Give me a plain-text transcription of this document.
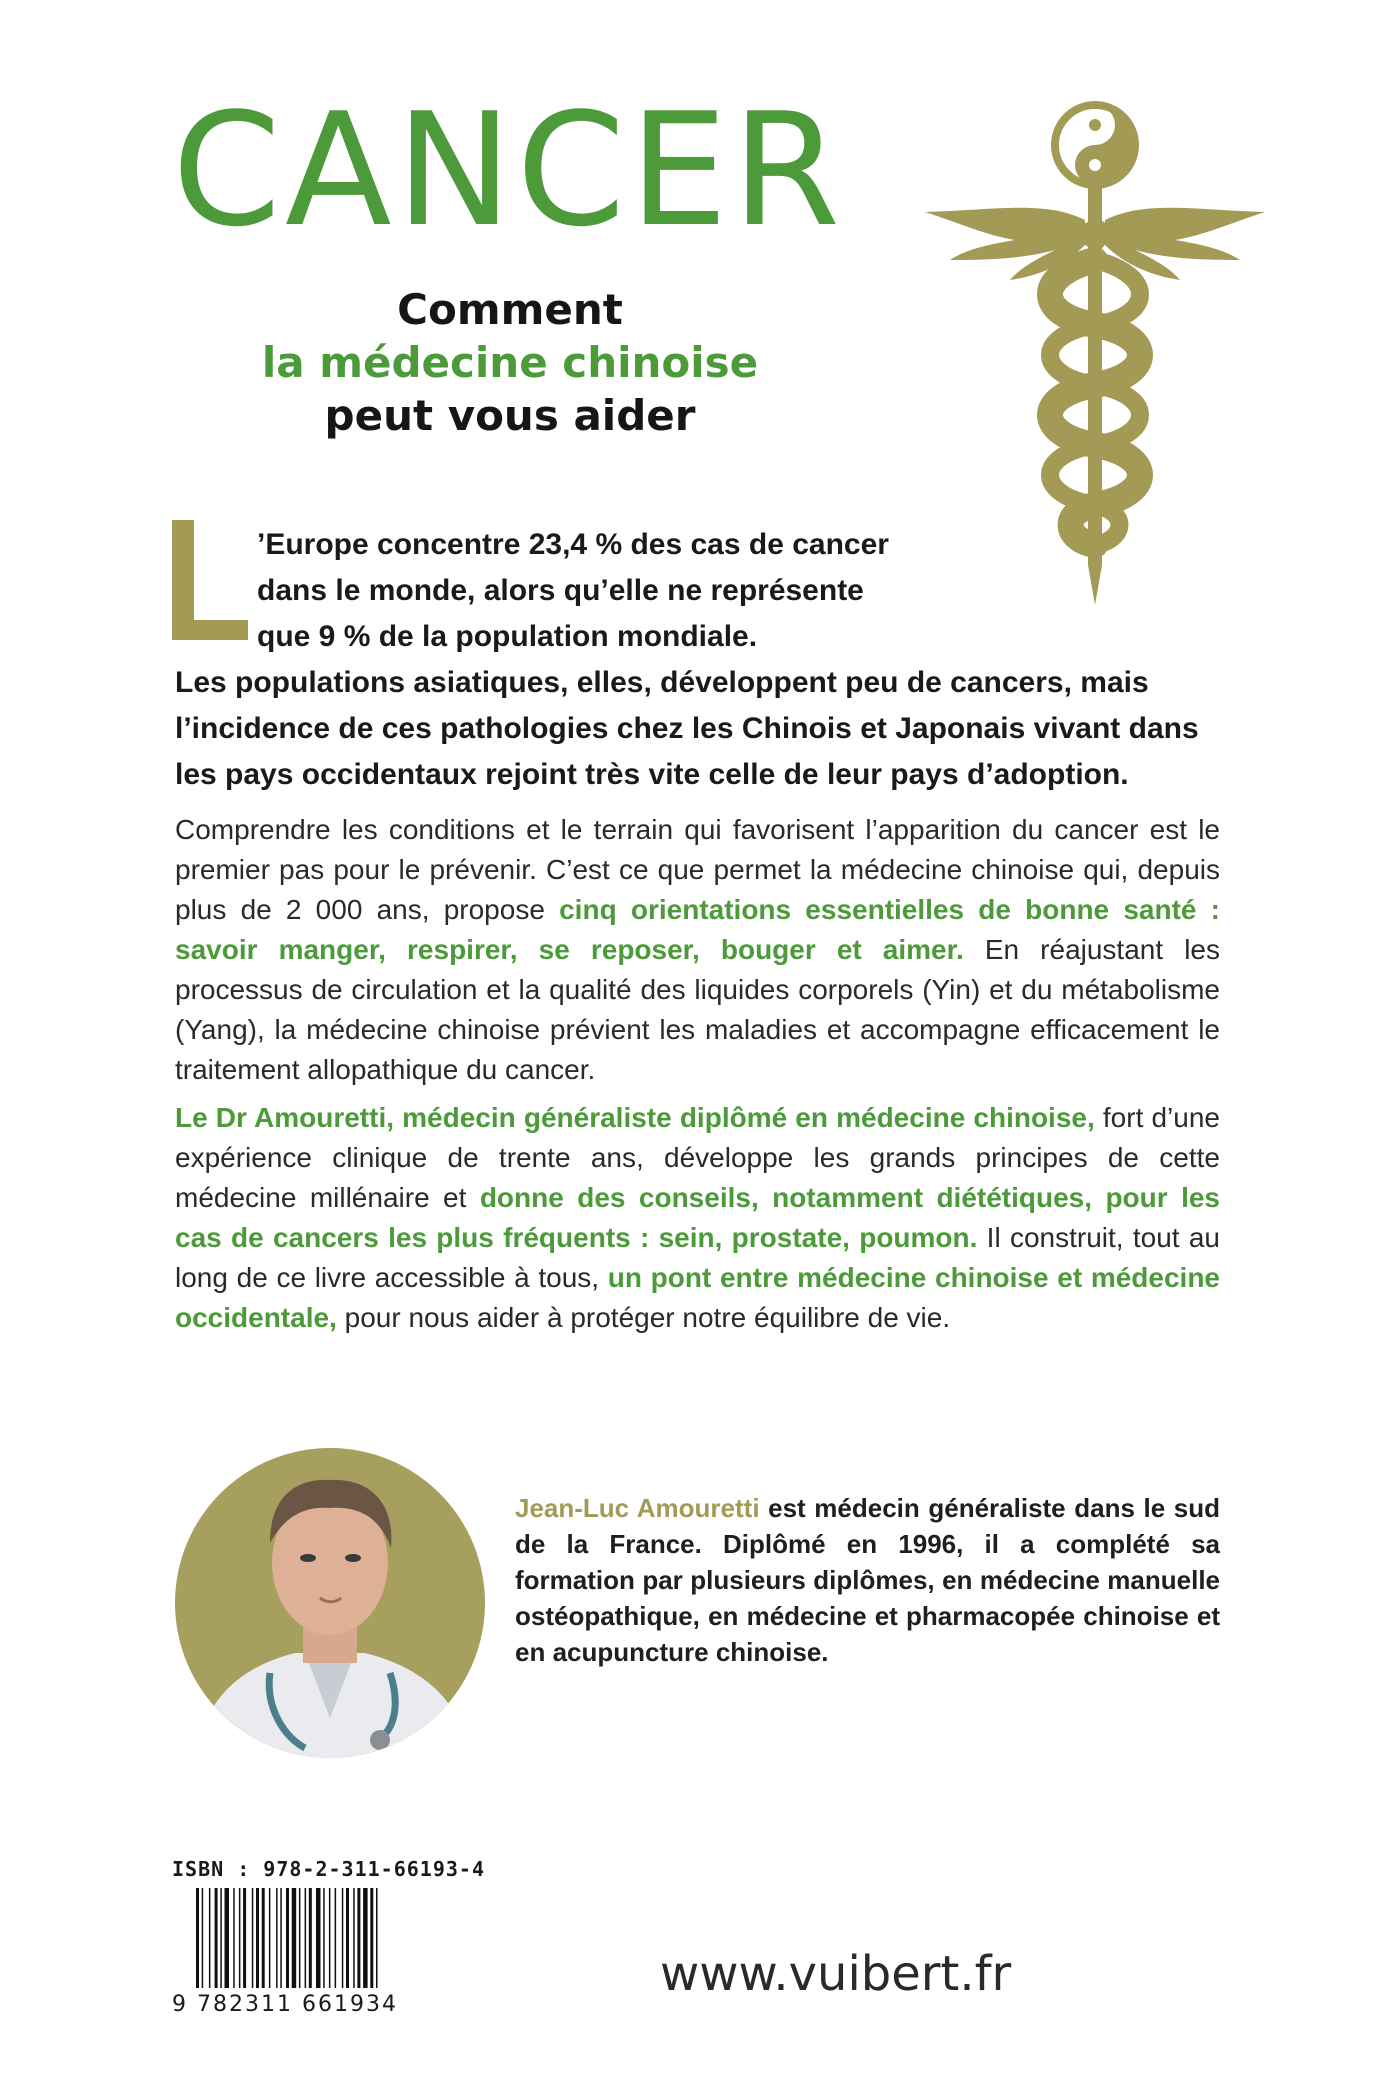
CANCER
Comment
la médecine chinoise
peut vous aider
’Europe concentre 23,4 % des cas de cancer
dans le monde, alors qu’elle ne représente
que 9 % de la population mondiale.
Les populations asiatiques, elles, développent peu de cancers, mais
l’incidence de ces pathologies chez les Chinois et Japonais vivant dans
les pays occidentaux rejoint très vite celle de leur pays d’adoption.

Comprendre les conditions et le terrain qui favorisent l’apparition du cancer est le premier pas pour le prévenir. C’est ce que permet la médecine chinoise qui, depuis plus de 2 000 ans, propose cinq orientations essentielles de bonne santé : savoir manger, respirer, se reposer, bouger et aimer. En réajustant les processus de circulation et la qualité des liquides corporels (Yin) et du métabolisme (Yang), la médecine chinoise prévient les maladies et accompagne efficacement le traitement allopathique du cancer.

Le Dr Amouretti, médecin généraliste diplômé en médecine chinoise, fort d’une expérience clinique de trente ans, développe les grands principes de cette médecine millénaire et donne des conseils, notamment diététiques, pour les cas de cancers les plus fréquents : sein, prostate, poumon. Il construit, tout au long de ce livre accessible à tous, un pont entre médecine chinoise et médecine occidentale, pour nous aider à protéger notre équilibre de vie.

Jean-Luc Amouretti est médecin généraliste dans le sud de la France. Diplômé en 1996, il a complété sa formation par plusieurs diplômes, en médecine manuelle ostéopathique, en médecine et pharmacopée chinoise et en acupuncture chinoise.

ISBN : 978-2-311-66193-4
9 782311 661934
www.vuibert.fr
